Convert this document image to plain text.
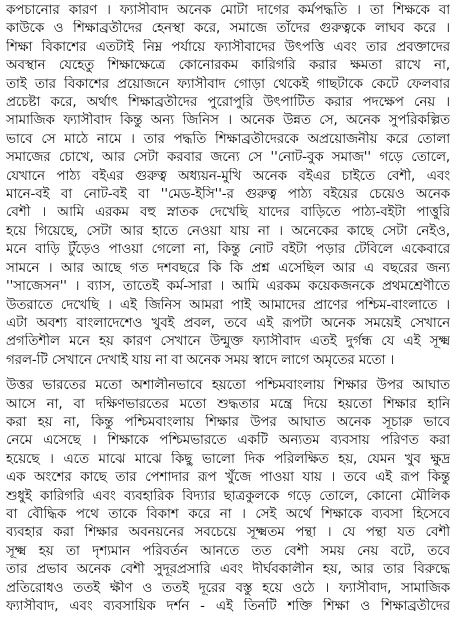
কপচানোর কারণ । ফ্যাসীবাদ অনেক মোটা দাগের কর্মপদ্ধতি । তা শিক্ষকে বা
কাউকে ও শিক্ষাব্রতীদের হেনস্থা করে, সমাজে তাঁদের গুরুত্বকে লাঘব করে ।
শিক্ষা বিকাশের এতটাই নিম্ন পর্যায়ে ফ্যাসীবাদের উৎপত্তি এবং তার প্রবক্তাদের
অবস্থান যেহেতু শিক্ষাক্ষেত্রে কোনোরকম কারিগরি করার ক্ষমতা রাখে না,
তাই তার বিকাশের প্রয়োজনে ফ্যাসীবাদ গোড়া থেকেই গাছটাকে কেটে ফেলবার
প্রচেষ্টা করে, অর্থাৎ শিক্ষাব্রতীদের পুরোপুরি উৎপাটিত করার পদক্ষেপ নেয় ।
সামাজিক ফ্যাসীবাদ কিন্তু অন্য জিনিস । অনেক উন্নত সে, অনেক সুপরিকল্পিত
ভাবে সে মাঠে নামে । তার পদ্ধতি শিক্ষাব্রতীদেরকে অপ্রয়োজনীয় করে তোলা
সমাজের চোখে, আর সেটা করবার জন্যে সে ''নোট-বুক সমাজ'' গড়ে তোলে,
যেখানে পাঠ্য বইএর গুরুত্ব অধ্যয়ন-মুখি অনেক বইএর চাইতে বেশী, এবং
মানে-বই বা নোট-বই বা ''মেড-ইসি''-র গুরুত্ব পাঠ্য বইয়ের চেয়েও অনেক
বেশী । আমি এরকম বহু স্নাতক দেখেছি যাদের বাড়িতে পাঠ্য-বইটা পাত্তুরি
হয়ে গিয়েছে, সেটা আর হাতে নেওয়া যায় না । অনেকের কাছে সেটা নেইও,
মনে বাড়ি টুঁড়েও পাওয়া গেলো না, কিন্তু নোট বইটা পড়ার টেবিলে একেবারে
সামনে । আর আছে গত দশবছরে কি কি প্রশ্ন এসেছিল আর এ বছরের জন্য
''সাজেসন'' । ব্যাস, তাতেই কর্ম-সারা । আমি এরকম কয়েকজনকে প্রথমশ্রেণীতে
উতরাতে দেখেছি । এই জিনিস আমরা পাই আমাদের প্রাণের পশ্চিম-বাংলাতে ।
এটা অবশ্য বাংলাদেশেও খুবই প্রবল, তবে এই রূপটা অনেক সময়েই সেখানে
প্রগতিশীল মনে হয় কারণ সেখানে উন্মুক্ত ফ্যাসীবাদ এতই দুর্গন্ধ যে এই সূক্ষ্ম
গরল-টি সেখানে দেখাই যায় না বা অনেক সময় স্বাদে লাগে অমৃতের মতো ।
উত্তর ভারতের মতো অশালীনভাবে হয়তো পশ্চিমবাংলায় শিক্ষার উপর আঘাত
আসে না, বা দক্ষিণভারতের মতো শুদ্ধতার মন্ত্রে দিয়ে হয়তো শিক্ষার হানি
করা হয় না, কিন্তু পশ্চিমবাংলায় শিক্ষার উপর আঘাত অনেক সূচারু ভাবে
নেমে এসেছে । শিক্ষাকে পশ্চিমভারতে একটি অন্যতম ব্যবসায় পরিণত করা
হয়েছে । এতে মাঝে মাঝে কিছু ভালো দিক পরিলক্ষিত হয়, যেমন খুব ক্ষুদ্র
এক অংশের কাছে তার পেশাদার রূপ খুঁজে পাওয়া যায় । তবে এই রূপ কিন্তু
শুধুই কারিগরি এবং ব্যবহারিক বিদ্যার ছাত্রকুলকে গড়ে তোলে, কোনো মৌলিক
বা বৌদ্ধিক পথে তাকে বিকাশ করে না । সেই অর্থে শিক্ষাকে ব্যবসা হিসেবে
ব্যবহার করা শিক্ষার অবনয়নের সবচেয়ে সূক্ষ্মতম পন্থা । যে পন্থা যত বেশী
সূক্ষ্ম হয় তা দৃশ্যমান পরিবর্তন আনতে তত বেশী সময় নেয় বটে, তবে
তার প্রভাব অনেক বেশী সুদূরপ্রসারি এবং দীর্ঘবকালীন হয়, আর তার বিরুদ্ধে
প্রতিরোধও ততই ক্ষীণ ও ততই দূরের বস্তু হয়ে ওঠে । ফ্যাসীবাদ, সামাজিক
ফ্যাসীবাদ, এবং ব্যবসায়িক দর্শন - এই তিনটি শক্তি শিক্ষা ও শিক্ষাব্রতীদের
